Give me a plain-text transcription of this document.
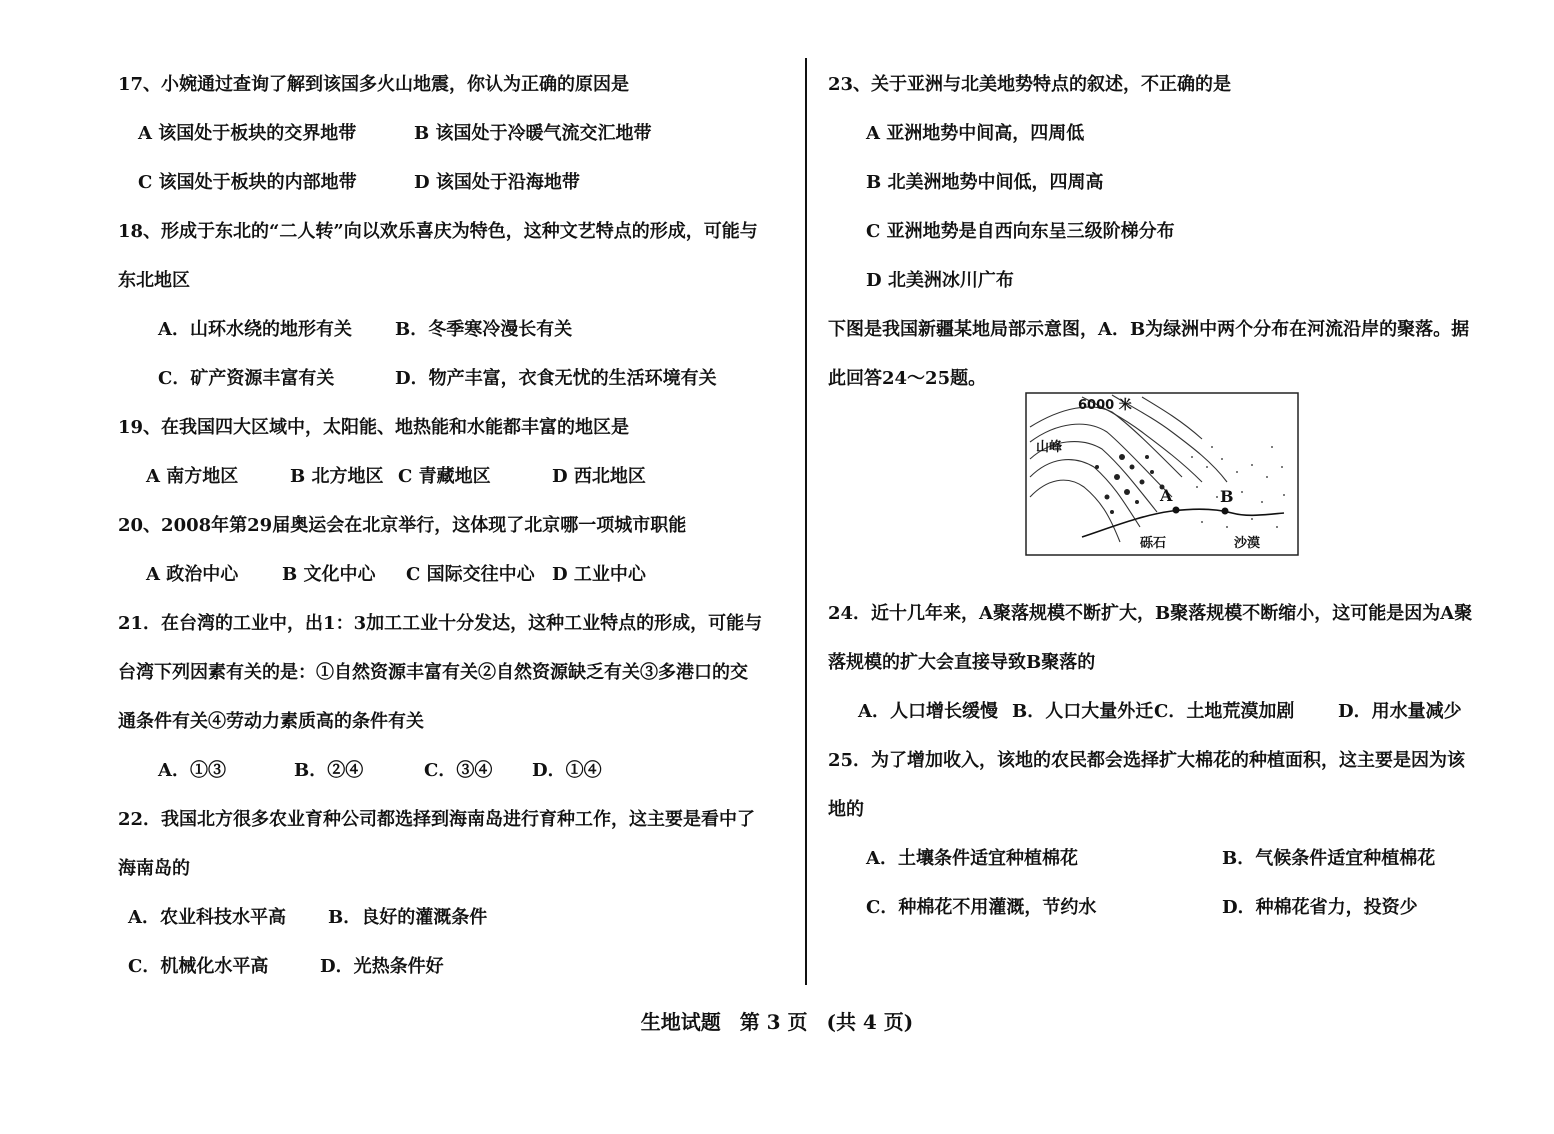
17、小婉通过查询了解到该国多火山地震，你认为正确的原因是
A 该国处于板块的交界地带	B 该国处于冷暖气流交汇地带
C 该国处于板块的内部地带	D 该国处于沿海地带
18、形成于东北的“二人转”向以欢乐喜庆为特色，这种文艺特点的形成，可能与
东北地区
A．山环水绕的地形有关 B．冬季寒冷漫长有关
C．矿产资源丰富有关	D．物产丰富，衣食无忧的生活环境有关
19、在我国四大区域中，太阳能、地热能和水能都丰富的地区是
A 南方地区	B 北方地区 C 青藏地区	D 西北地区
20、2008年第29届奥运会在北京举行，这体现了北京哪一项城市职能
A 政治中心 B 文化中心 C 国际交往中心 D 工业中心
21．在台湾的工业中，出1：3加工工业十分发达，这种工业特点的形成，可能与
台湾下列因素有关的是：①自然资源丰富有关②自然资源缺乏有关③多港口的交
通条件有关④劳动力素质高的条件有关
A．①③	B．②④	C．③④ D．①④
22．我国北方很多农业育种公司都选择到海南岛进行育种工作，这主要是看中了
海南岛的
A．农业科技水平高 B．良好的灌溉条件
C．机械化水平高	D．光热条件好
23、关于亚洲与北美地势特点的叙述，不正确的是
A 亚洲地势中间高，四周低
B 北美洲地势中间低，四周高
C 亚洲地势是自西向东呈三级阶梯分布
D 北美洲冰川广布
下图是我国新疆某地局部示意图，A．B为绿洲中两个分布在河流沿岸的聚落。据
此回答24～25题。
24．近十几年来，A聚落规模不断扩大，B聚落规模不断缩小，这可能是因为A聚
落规模的扩大会直接导致B聚落的
A．人口增长缓慢 B．人口大量外迁 C．土地荒漠加剧 D．用水量减少
25．为了增加收入，该地的农民都会选择扩大棉花的种植面积，这主要是因为该
地的
A．土壤条件适宜种植棉花	B．气候条件适宜种植棉花
C．种棉花不用灌溉，节约水	D．种棉花省力，投资少
A	B
6000 米
山峰
砾石	沙漠
生地试题 第 3 页 (共 4 页)
